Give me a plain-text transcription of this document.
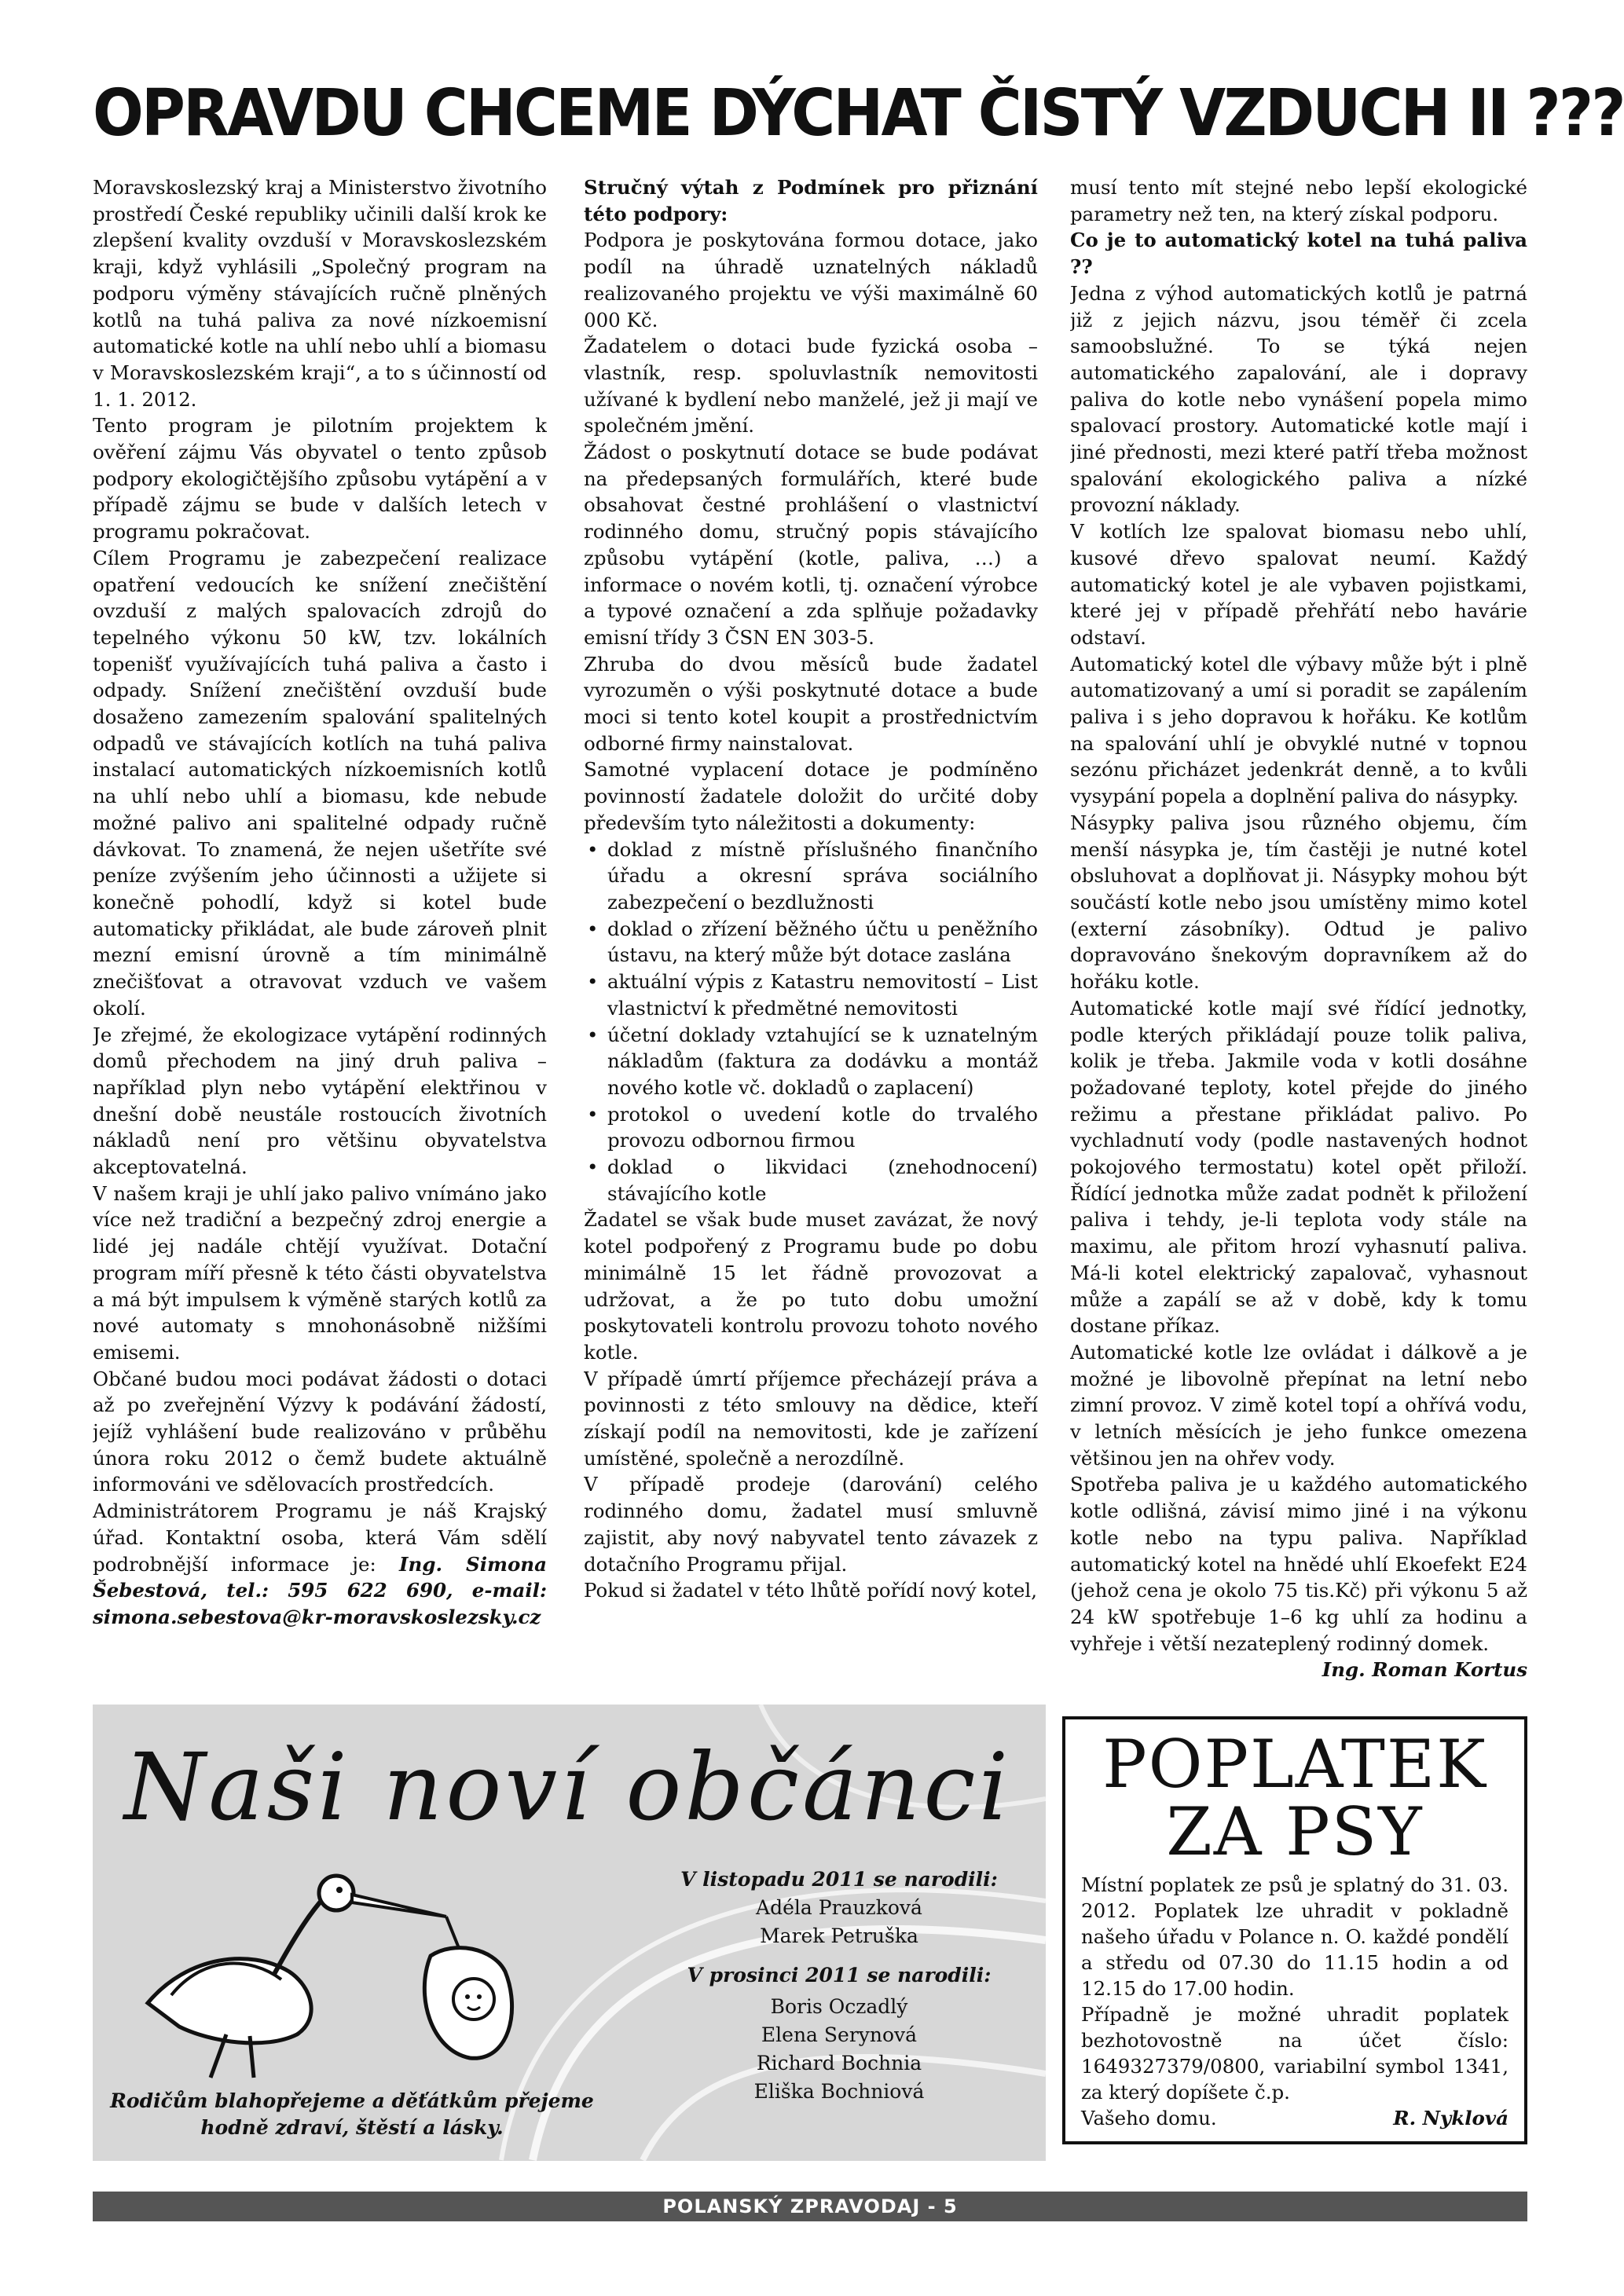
OPRAVDU CHCEME DÝCHAT ČISTÝ VZDUCH II ???

Moravskoslezský kraj a Ministerstvo životního prostředí České republiky učinili další krok ke zlepšení kvality ovzduší v Moravskoslezském kraji, když vyhlásili „Společný program na podporu výměny stávajících ručně plněných kotlů na tuhá paliva za nové nízkoemisní automatické kotle na uhlí nebo uhlí a biomasu v Moravskoslezském kraji“, a to s účinností od 1. 1. 2012.

Tento program je pilotním projektem k ověření zájmu Vás obyvatel o tento způsob podpory ekologičtějšího způsobu vytápění a v případě zájmu se bude v dalších letech v programu pokračovat.

Cílem Programu je zabezpečení realizace opatření vedoucích ke snížení znečištění ovzduší z malých spalovacích zdrojů do tepelného výkonu 50 kW, tzv. lokálních topenišť využívajících tuhá paliva a často i odpady. Snížení znečištění ovzduší bude dosaženo zamezením spalování spalitelných odpadů ve stávajících kotlích na tuhá paliva instalací automatických nízkoemisních kotlů na uhlí nebo uhlí a biomasu, kde nebude možné palivo ani spalitelné odpady ručně dávkovat. To znamená, že nejen ušetříte své peníze zvýšením jeho účinnosti a užijete si konečně pohodlí, když si kotel bude automaticky přikládat, ale bude zároveň plnit mezní emisní úrovně a tím minimálně znečišťovat a otravovat vzduch ve vašem okolí.

Je zřejmé, že ekologizace vytápění rodinných domů přechodem na jiný druh paliva – například plyn nebo vytápění elektřinou v dnešní době neustále rostoucích životních nákladů není pro většinu obyvatelstva akceptovatelná.

V našem kraji je uhlí jako palivo vnímáno jako více než tradiční a bezpečný zdroj energie a lidé jej nadále chtějí využívat. Dotační program míří přesně k této části obyvatelstva a má být impulsem k výměně starých kotlů za nové automaty s mnohonásobně nižšími emisemi.

Občané budou moci podávat žádosti o dotaci až po zveřejnění Výzvy k podávání žádostí, jejíž vyhlášení bude realizováno v průběhu února roku 2012 o čemž budete aktuálně informováni ve sdělovacích prostředcích.

Administrátorem Programu je náš Krajský úřad. Kontaktní osoba, která Vám sdělí podrobnější informace je: Ing. Simona Šebestová, tel.: 595 622 690, e-mail: simona.sebestova@kr-moravskoslezsky.cz

Stručný výtah z Podmínek pro přiznání této podpory:

Podpora je poskytována formou dotace, jako podíl na úhradě uznatelných nákladů realizovaného projektu ve výši maximálně 60 000 Kč.

Žadatelem o dotaci bude fyzická osoba – vlastník, resp. spoluvlastník nemovitosti užívané k bydlení nebo manželé, jež ji mají ve společném jmění.

Žádost o poskytnutí dotace se bude podávat na předepsaných formulářích, které bude obsahovat čestné prohlášení o vlastnictví rodinného domu, stručný popis stávajícího způsobu vytápění (kotle, paliva, …) a informace o novém kotli, tj. označení výrobce a typové označení a zda splňuje požadavky emisní třídy 3 ČSN EN 303-5.

Zhruba do dvou měsíců bude žadatel vyrozuměn o výši poskytnuté dotace a bude moci si tento kotel koupit a prostřednictvím odborné firmy nainstalovat.

Samotné vyplacení dotace je podmíněno povinností žadatele doložit do určité doby především tyto náležitosti a dokumenty:

• doklad z místně příslušného finančního úřadu a okresní správa sociálního zabezpečení o bezdlužnosti
• doklad o zřízení běžného účtu u peněžního ústavu, na který může být dotace zaslána
• aktuální výpis z Katastru nemovitostí – List vlastnictví k předmětné nemovitosti
• účetní doklady vztahující se k uznatelným nákladům (faktura za dodávku a montáž nového kotle vč. dokladů o zaplacení)
• protokol o uvedení kotle do trvalého provozu odbornou firmou
• doklad o likvidaci (znehodnocení) stávajícího kotle

Žadatel se však bude muset zavázat, že nový kotel podpořený z Programu bude po dobu minimálně 15 let řádně provozovat a udržovat, a že po tuto dobu umožní poskytovateli kontrolu provozu tohoto nového kotle.

V případě úmrtí příjemce přecházejí práva a povinnosti z této smlouvy na dědice, kteří získají podíl na nemovitosti, kde je zařízení umístěné, společně a nerozdílně.

V případě prodeje (darování) celého rodinného domu, žadatel musí smluvně zajistit, aby nový nabyvatel tento závazek z dotačního Programu přijal.

Pokud si žadatel v této lhůtě pořídí nový kotel,

musí tento mít stejné nebo lepší ekologické parametry než ten, na který získal podporu.

Co je to automatický kotel na tuhá paliva ??

Jedna z výhod automatických kotlů je patrná již z jejich názvu, jsou téměř či zcela samoobslužné. To se týká nejen automatického zapalování, ale i dopravy paliva do kotle nebo vynášení popela mimo spalovací prostory. Automatické kotle mají i jiné přednosti, mezi které patří třeba možnost spalování ekologického paliva a nízké provozní náklady.

V kotlích lze spalovat biomasu nebo uhlí, kusové dřevo spalovat neumí. Každý automatický kotel je ale vybaven pojistkami, které jej v případě přehřátí nebo havárie odstaví.

Automatický kotel dle výbavy může být i plně automatizovaný a umí si poradit se zapálením paliva i s jeho dopravou k hořáku. Ke kotlům na spalování uhlí je obvyklé nutné v topnou sezónu přicházet jedenkrát denně, a to kvůli vysypání popela a doplnění paliva do násypky.

Násypky paliva jsou různého objemu, čím menší násypka je, tím častěji je nutné kotel obsluhovat a doplňovat ji. Násypky mohou být součástí kotle nebo jsou umístěny mimo kotel (externí zásobníky). Odtud je palivo dopravováno šnekovým dopravníkem až do hořáku kotle.

Automatické kotle mají své řídící jednotky, podle kterých přikládají pouze tolik paliva, kolik je třeba. Jakmile voda v kotli dosáhne požadované teploty, kotel přejde do jiného režimu a přestane přikládat palivo. Po vychladnutí vody (podle nastavených hodnot pokojového termostatu) kotel opět přiloží. Řídící jednotka může zadat podnět k přiložení paliva i tehdy, je-li teplota vody stále na maximu, ale přitom hrozí vyhasnutí paliva. Má-li kotel elektrický zapalovač, vyhasnout může a zapálí se až v době, kdy k tomu dostane příkaz.

Automatické kotle lze ovládat i dálkově a je možné je libovolně přepínat na letní nebo zimní provoz. V zimě kotel topí a ohřívá vodu, v letních měsících je jeho funkce omezena většinou jen na ohřev vody.

Spotřeba paliva je u každého automatického kotle odlišná, závisí mimo jiné i na výkonu kotle nebo na typu paliva. Například automatický kotel na hnědé uhlí Ekoefekt E24 (jehož cena je okolo 75 tis.Kč) při výkonu 5 až 24 kW spotřebuje 1–6 kg uhlí za hodinu a vyhřeje i větší nezateplený rodinný domek.

Ing. Roman Kortus

Naši noví občánci
V listopadu 2011 se narodili:
Adéla Prauzková
Marek Petruška
V prosinci 2011 se narodili:
Boris Oczadlý
Elena Serynová
Richard Bochnia
Eliška Bochniová
Rodičům blahopřejeme a děťátkům přejeme
hodně zdraví, štěstí a lásky.
POPLATEK
ZA PSY

Místní poplatek ze psů je splatný do 31. 03. 2012. Poplatek lze uhradit v pokladně našeho úřadu v Polance n. O. každé pondělí a středu od 07.30 do 11.15 hodin a od 12.15 do 17.00 hodin.

Případně je možné uhradit poplatek bezhotovostně na účet číslo: 1649327379/0800, variabilní symbol 1341, za který dopíšete č.p.

Vašeho domu.	R. Nyklová
POLANSKÝ ZPRAVODAJ - 5
